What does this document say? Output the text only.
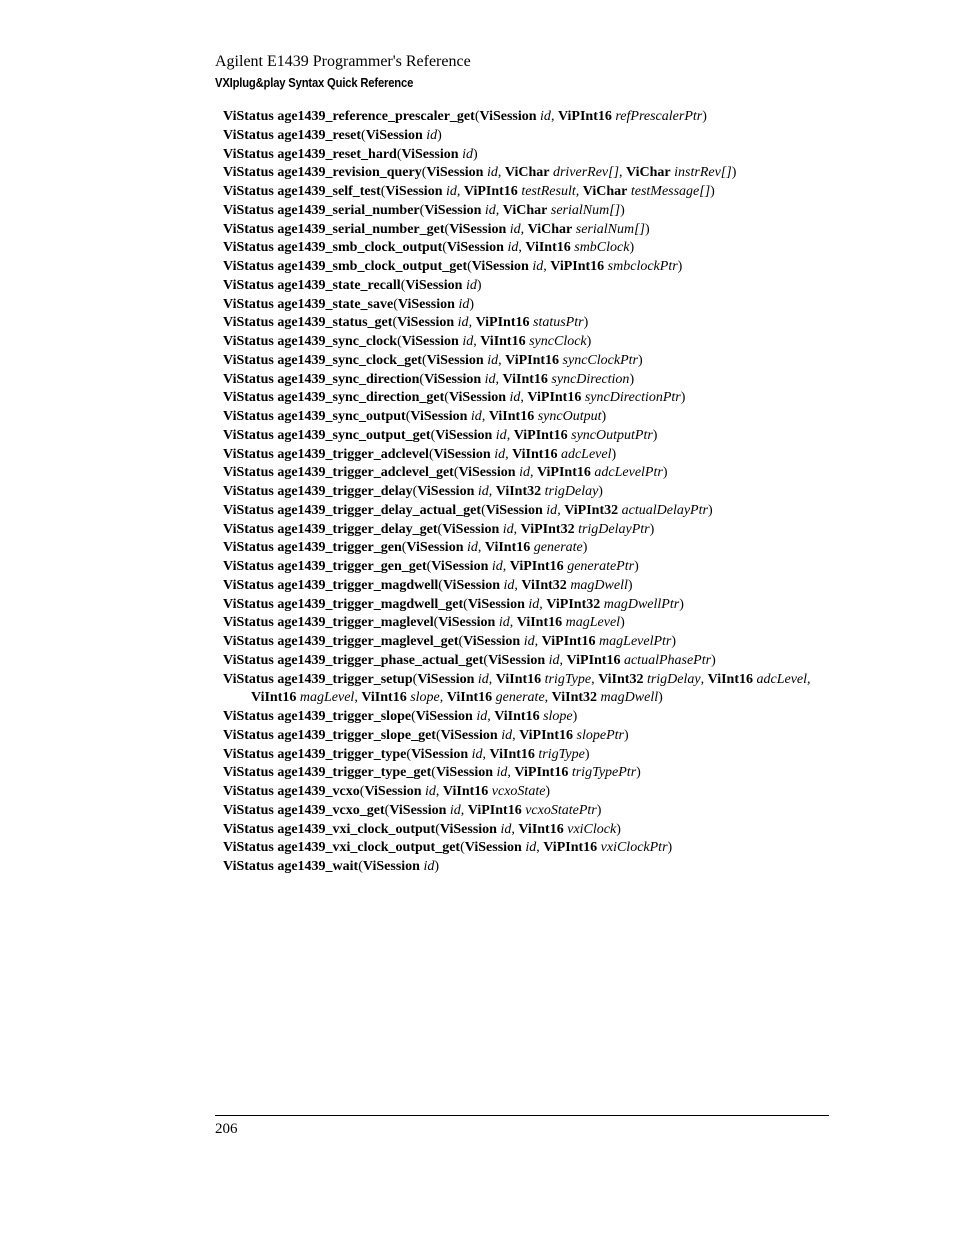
Agilent E1439 Programmer's Reference
VXIplug&play Syntax Quick Reference
ViStatus age1439_reference_prescaler_get(ViSession id, ViPInt16 refPrescalerPtr)
ViStatus age1439_reset(ViSession id)
ViStatus age1439_reset_hard(ViSession id)
ViStatus age1439_revision_query(ViSession id, ViChar driverRev[], ViChar instrRev[])
ViStatus age1439_self_test(ViSession id, ViPInt16 testResult, ViChar testMessage[])
ViStatus age1439_serial_number(ViSession id, ViChar serialNum[])
ViStatus age1439_serial_number_get(ViSession id, ViChar serialNum[])
ViStatus age1439_smb_clock_output(ViSession id, ViInt16 smbClock)
ViStatus age1439_smb_clock_output_get(ViSession id, ViPInt16 smbclockPtr)
ViStatus age1439_state_recall(ViSession id)
ViStatus age1439_state_save(ViSession id)
ViStatus age1439_status_get(ViSession id, ViPInt16 statusPtr)
ViStatus age1439_sync_clock(ViSession id, ViInt16 syncClock)
ViStatus age1439_sync_clock_get(ViSession id, ViPInt16 syncClockPtr)
ViStatus age1439_sync_direction(ViSession id, ViInt16 syncDirection)
ViStatus age1439_sync_direction_get(ViSession id, ViPInt16 syncDirectionPtr)
ViStatus age1439_sync_output(ViSession id, ViInt16 syncOutput)
ViStatus age1439_sync_output_get(ViSession id, ViPInt16 syncOutputPtr)
ViStatus age1439_trigger_adclevel(ViSession id, ViInt16 adcLevel)
ViStatus age1439_trigger_adclevel_get(ViSession id, ViPInt16 adcLevelPtr)
ViStatus age1439_trigger_delay(ViSession id, ViInt32 trigDelay)
ViStatus age1439_trigger_delay_actual_get(ViSession id, ViPInt32 actualDelayPtr)
ViStatus age1439_trigger_delay_get(ViSession id, ViPInt32 trigDelayPtr)
ViStatus age1439_trigger_gen(ViSession id, ViInt16 generate)
ViStatus age1439_trigger_gen_get(ViSession id, ViPInt16 generatePtr)
ViStatus age1439_trigger_magdwell(ViSession id, ViInt32 magDwell)
ViStatus age1439_trigger_magdwell_get(ViSession id, ViPInt32 magDwellPtr)
ViStatus age1439_trigger_maglevel(ViSession id, ViInt16 magLevel)
ViStatus age1439_trigger_maglevel_get(ViSession id, ViPInt16 magLevelPtr)
ViStatus age1439_trigger_phase_actual_get(ViSession id, ViPInt16 actualPhasePtr)
ViStatus age1439_trigger_setup(ViSession id, ViInt16 trigType, ViInt32 trigDelay, ViInt16 adcLevel, ViInt16 magLevel, ViInt16 slope, ViInt16 generate, ViInt32 magDwell)
ViStatus age1439_trigger_slope(ViSession id, ViInt16 slope)
ViStatus age1439_trigger_slope_get(ViSession id, ViPInt16 slopePtr)
ViStatus age1439_trigger_type(ViSession id, ViInt16 trigType)
ViStatus age1439_trigger_type_get(ViSession id, ViPInt16 trigTypePtr)
ViStatus age1439_vcxo(ViSession id, ViInt16 vcxoState)
ViStatus age1439_vcxo_get(ViSession id, ViPInt16 vcxoStatePtr)
ViStatus age1439_vxi_clock_output(ViSession id, ViInt16 vxiClock)
ViStatus age1439_vxi_clock_output_get(ViSession id, ViPInt16 vxiClockPtr)
ViStatus age1439_wait(ViSession id)
206
